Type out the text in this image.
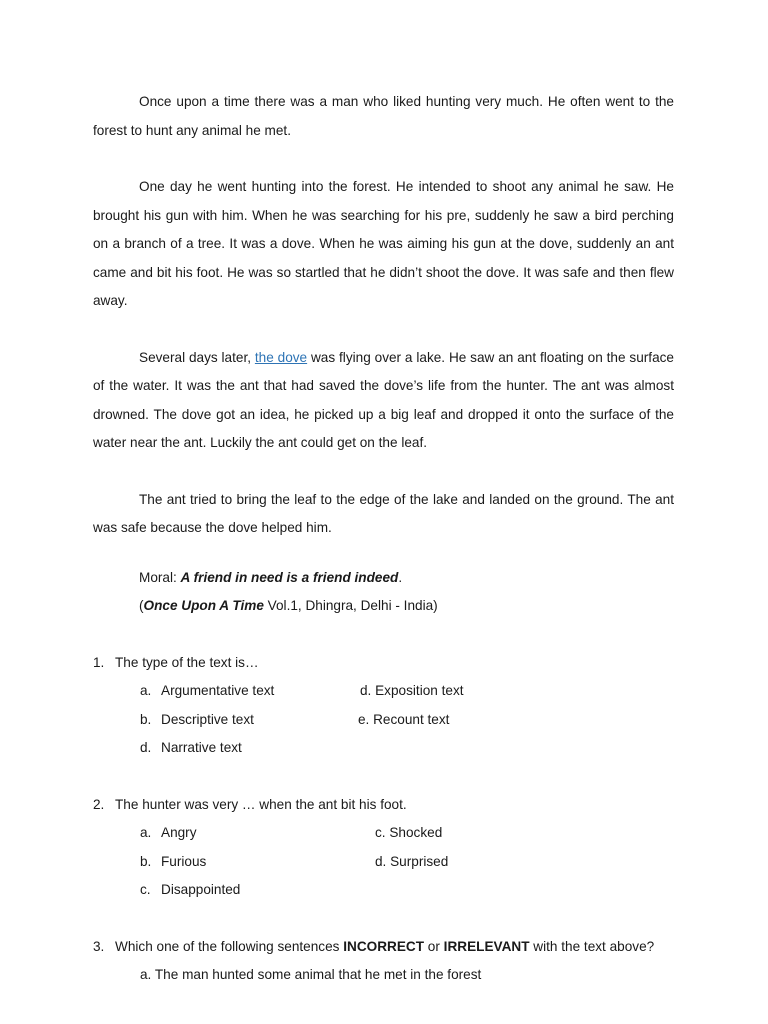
Once upon a time there was a man who liked hunting very much. He often went to the forest to hunt any animal he met.

One day he went hunting into the forest. He intended to shoot any animal he saw. He brought his gun with him. When he was searching for his pre, suddenly he saw a bird perching on a branch of a tree. It was a dove. When he was aiming his gun at the dove, suddenly an ant came and bit his foot. He was so startled that he didn’t shoot the dove. It was safe and then flew away.

Several days later, the dove was flying over a lake. He saw an ant floating on the surface of the water. It was the ant that had saved the dove’s life from the hunter. The ant was almost drowned. The dove got an idea, he picked up a big leaf and dropped it onto the surface of the water near the ant. Luckily the ant could get on the leaf.

The ant tried to bring the leaf to the edge of the lake and landed on the ground. The ant was safe because the dove helped him.

Moral: A friend in need is a friend indeed.
(Once Upon A Time Vol.1, Dhingra, Delhi - India)
1. The type of the text is…
a. Argumentative text	d. Exposition text
b. Descriptive text	e. Recount text
d. Narrative text
2. The hunter was very … when the ant bit his foot.
a. Angry	c. Shocked
b. Furious	d. Surprised
c. Disappointed
3. Which one of the following sentences INCORRECT or IRRELEVANT with the text above?
a. The man hunted some animal that he met in the forest
